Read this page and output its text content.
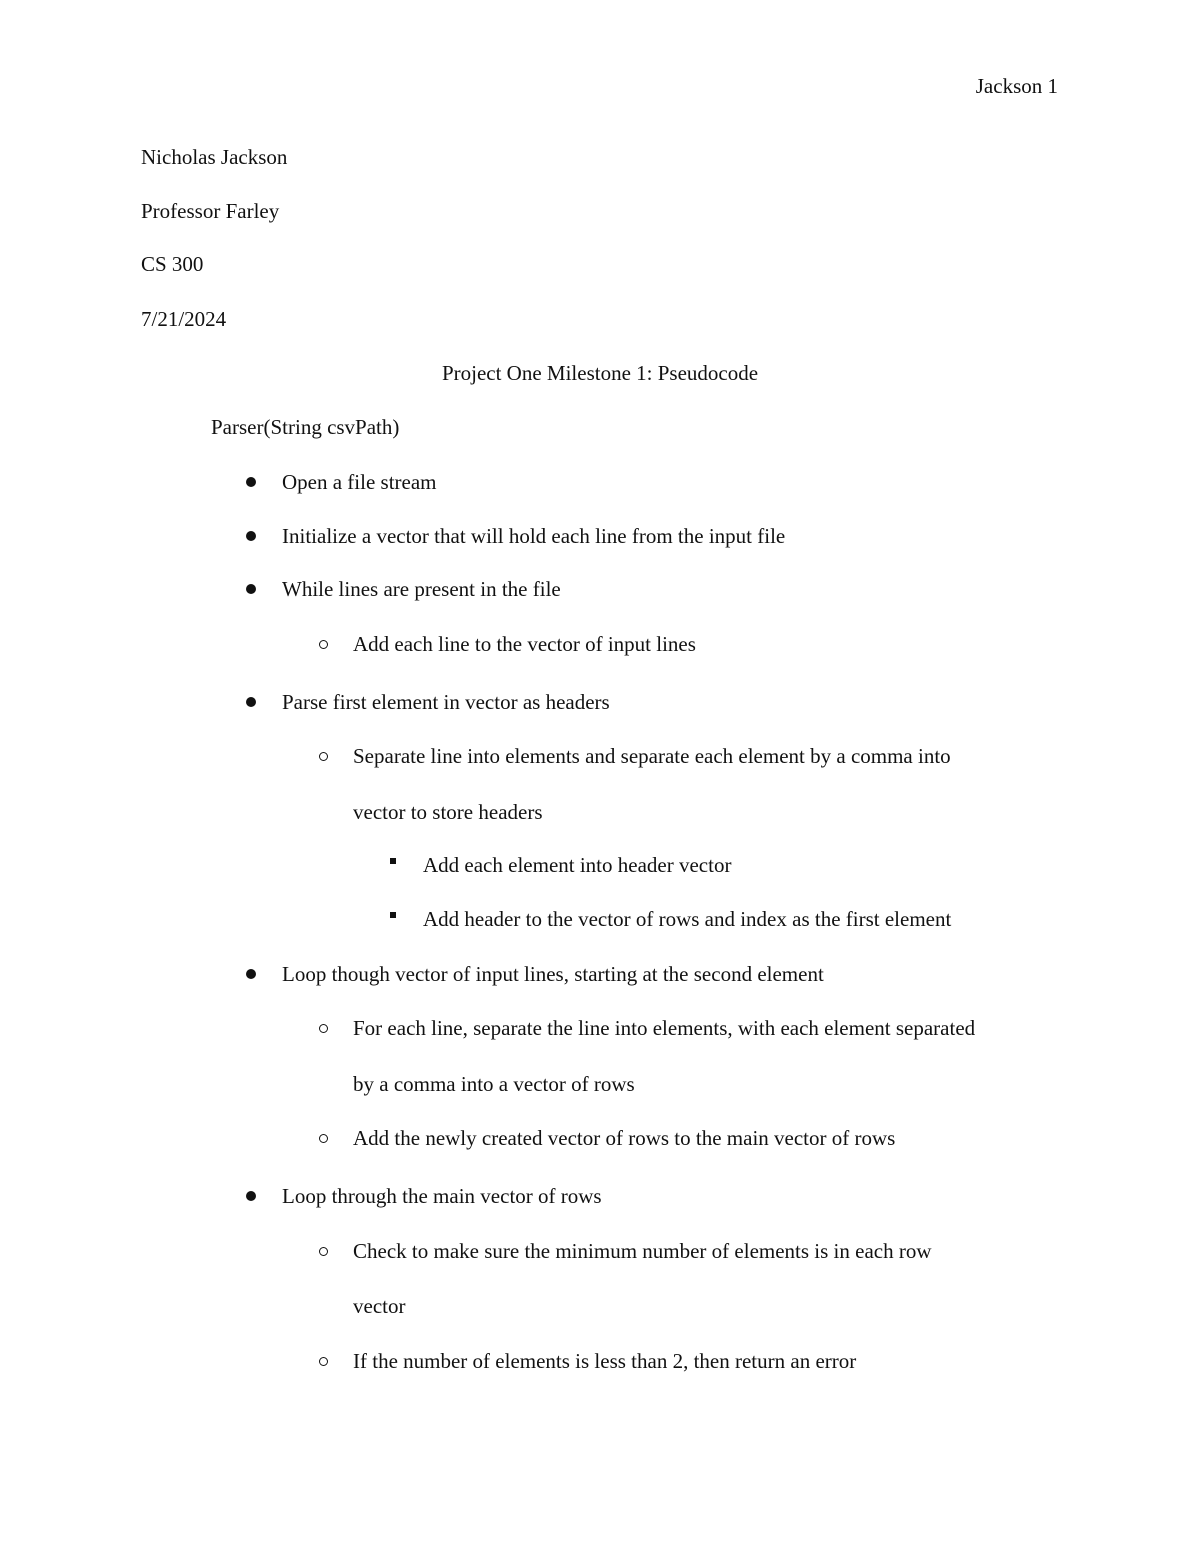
Jackson 1
Nicholas Jackson
Professor Farley
CS 300
7/21/2024
Project One Milestone 1: Pseudocode
Parser(String csvPath)
Open a file stream
Initialize a vector that will hold each line from the input file
While lines are present in the file
Add each line to the vector of input lines
Parse first element in vector as headers
Separate line into elements and separate each element by a comma into
vector to store headers
Add each element into header vector
Add header to the vector of rows and index as the first element
Loop though vector of input lines, starting at the second element
For each line, separate the line into elements, with each element separated
by a comma into a vector of rows
Add the newly created vector of rows to the main vector of rows
Loop through the main vector of rows
Check to make sure the minimum number of elements is in each row
vector
If the number of elements is less than 2, then return an error
